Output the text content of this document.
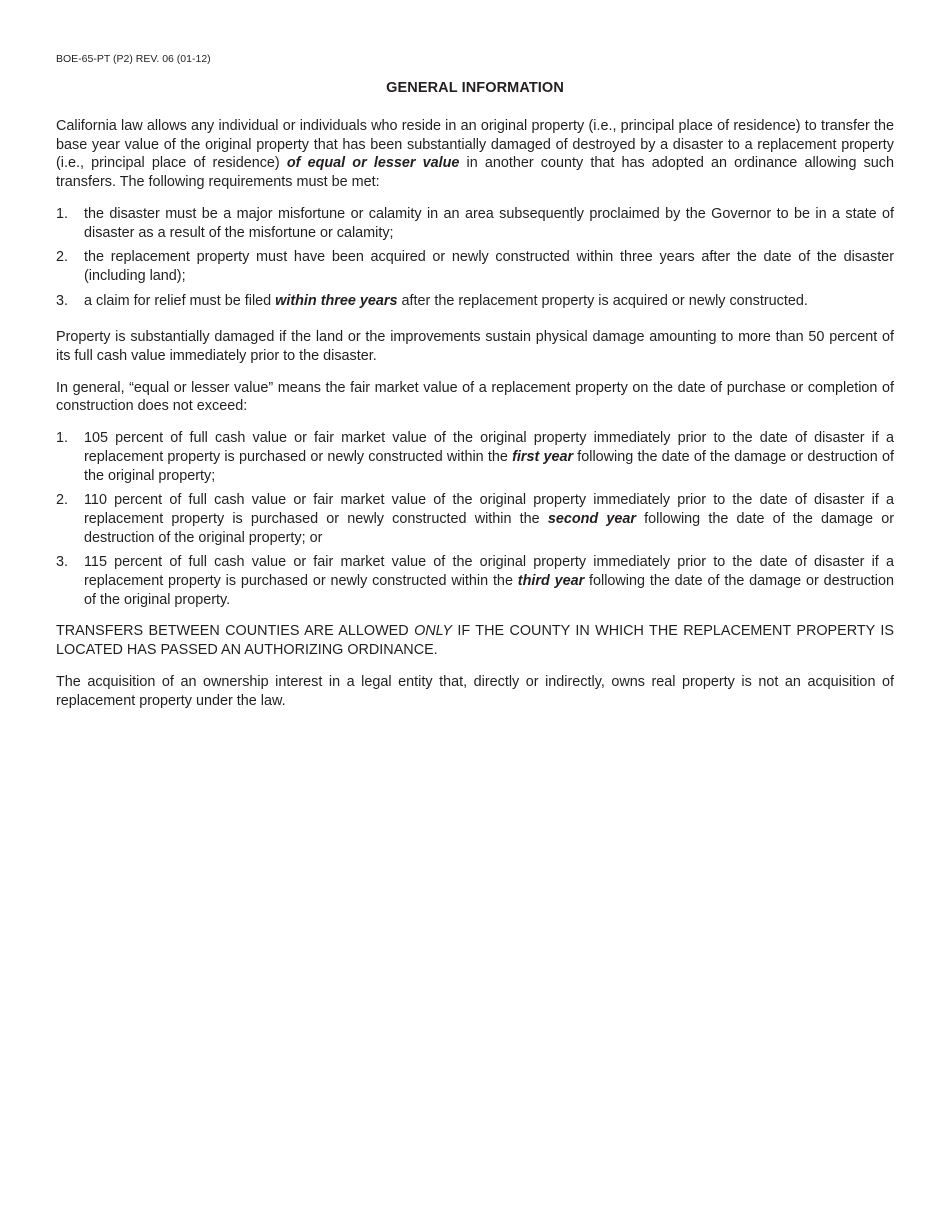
BOE-65-PT (P2) REV. 06 (01-12)
GENERAL INFORMATION

California law allows any individual or individuals who reside in an original property (i.e., principal place of residence) to transfer the base year value of the original property that has been substantially damaged of destroyed by a disaster to a replacement property (i.e., principal place of residence) of equal or lesser value in another county that has adopted an ordinance allowing such transfers. The following requirements must be met:

1. the disaster must be a major misfortune or calamity in an area subsequently proclaimed by the Governor to be in a state of disaster as a result of the misfortune or calamity;
2. the replacement property must have been acquired or newly constructed within three years after the date of the disaster (including land);
3. a claim for relief must be filed within three years after the replacement property is acquired or newly constructed.

Property is substantially damaged if the land or the improvements sustain physical damage amounting to more than 50 percent of its full cash value immediately prior to the disaster.

In general, “equal or lesser value” means the fair market value of a replacement property on the date of purchase or completion of construction does not exceed:

1. 105 percent of full cash value or fair market value of the original property immediately prior to the date of disaster if a replacement property is purchased or newly constructed within the first year following the date of the damage or destruction of the original property;
2. 110 percent of full cash value or fair market value of the original property immediately prior to the date of disaster if a replacement property is purchased or newly constructed within the second year following the date of the damage or destruction of the original property; or
3. 115 percent of full cash value or fair market value of the original property immediately prior to the date of disaster if a replacement property is purchased or newly constructed within the third year following the date of the damage or destruction of the original property.

TRANSFERS BETWEEN COUNTIES ARE ALLOWED ONLY IF THE COUNTY IN WHICH THE REPLACEMENT PROPERTY IS LOCATED HAS PASSED AN AUTHORIZING ORDINANCE.

The acquisition of an ownership interest in a legal entity that, directly or indirectly, owns real property is not an acquisition of replacement property under the law.
